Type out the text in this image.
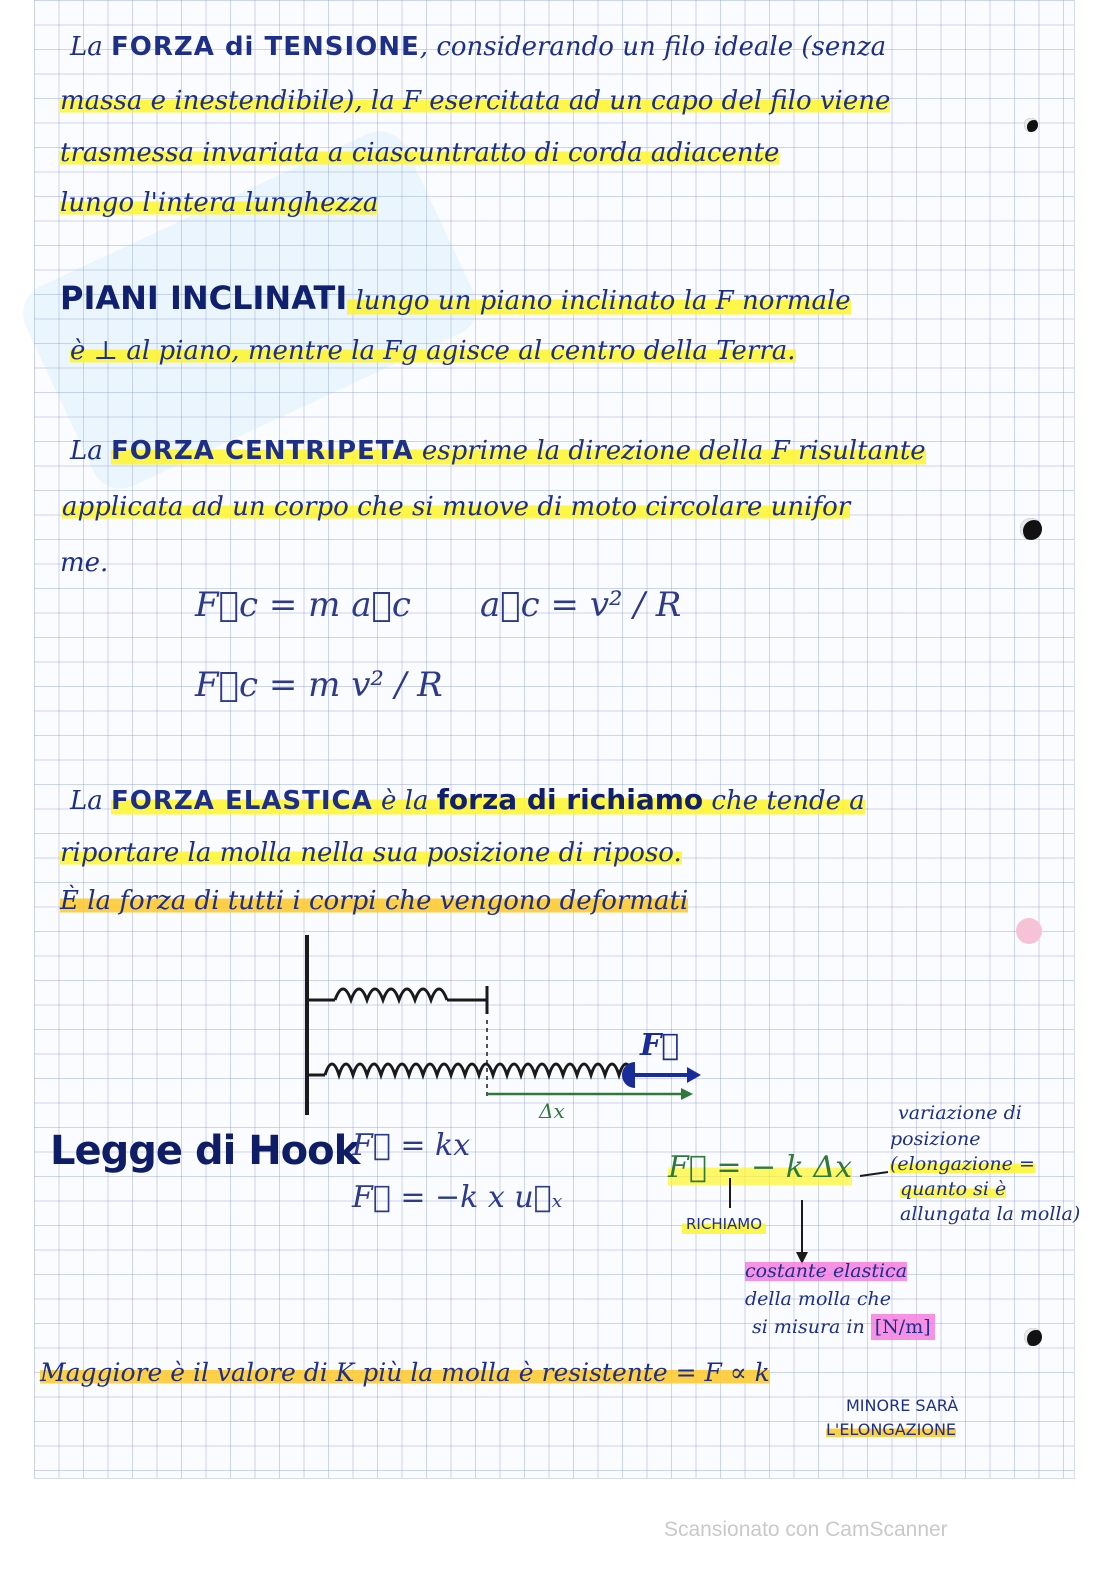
La FORZA di TENSIONE, considerando un filo ideale (senza
massa e inestendibile), la F esercitata ad un capo del filo viene
trasmessa invariata a ciascuntratto di corda adiacente
lungo l'intera lunghezza
PIANI INCLINATI lungo un piano inclinato la F normale
è ⊥ al piano, mentre la Fg agisce al centro della Terra.
La FORZA CENTRIPETA esprime la direzione della F risultante
applicata ad un corpo che si muove di moto circolare unifor
me.
F⃗c = m a⃗c a⃗c = v² / R
F⃗c = m v² / R
La FORZA ELASTICA è la forza di richiamo che tende a
riportare la molla nella sua posizione di riposo.
È la forza di tutti i corpi che vengono deformati
F⃗
Δx
Legge di Hook
F⃗ = kx
F⃗ = −k x u⃗ₓ
F⃗ = − k Δx
RICHIAMO
variazione di
posizione
(elongazione =
quanto si è
allungata la molla)
costante elastica
della molla che
si misura in [N/m]
Maggiore è il valore di K più la molla è resistente = F ∝ k
MINORE SARÀ
L'ELONGAZIONE
Scansionato con CamScanner
